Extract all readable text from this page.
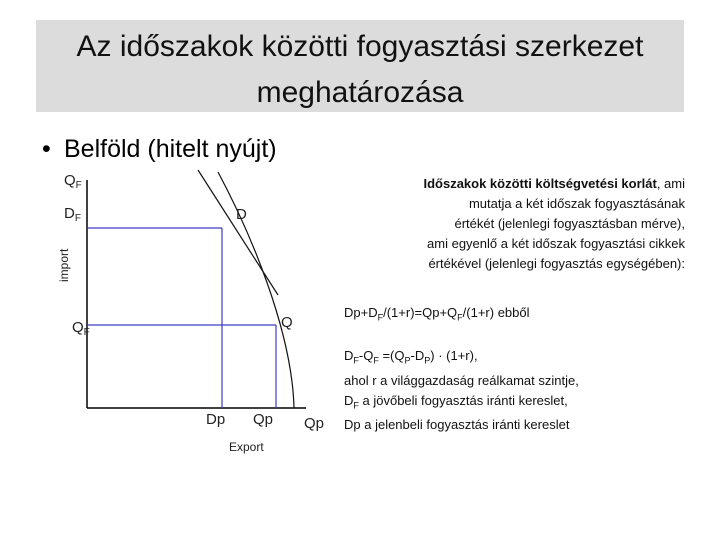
Az időszakok közötti fogyasztási szerkezet
meghatározása
• Belföld (hitelt nyújt)
import
$Q_F$
$D_F$
$Q_F$
D
Q
Dp Qp Qp
Export
Időszakok közötti költségvetési korlát, ami
mutatja a két időszak fogyasztásának
értékét (jelenlegi fogyasztásban mérve),
ami egyenlő a két időszak fogyasztási cikkek
értékével (jelenlegi fogyasztás egységében):
$Dp+D_F/(1+r)=Qp+Q_F/(1+r)$ ebből
$D_F-Q_F =(Q_P-D_P) \cdot (1+r)$,
ahol r a világgazdaság reálkamat szintje,
$D_F$ a jövőbeli fogyasztás iránti kereslet,
Dp a jelenbeli fogyasztás iránti kereslet
